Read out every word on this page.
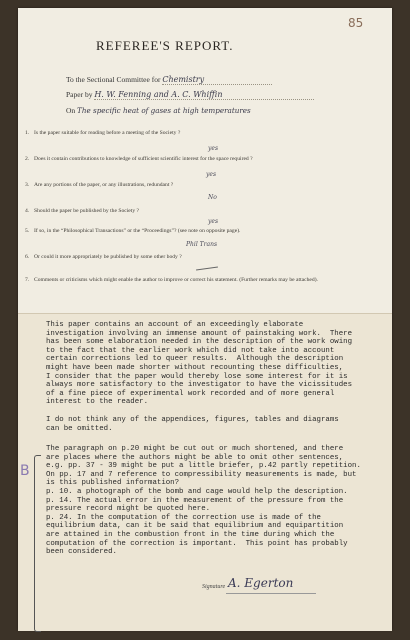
85
REFEREE'S REPORT.
To the Sectional Committee for Chemistry
Paper by H. W. Fenning and A. C. Whiffin
On The specific heat of gases at high temperatures
1. Is the paper suitable for reading before a meeting of the Society ?
yes
2. Does it contain contributions to knowledge of sufficient scientific interest for the space required ?
yes
3. Are any portions of the paper, or any illustrations, redundant ?
No
4. Should the paper be published by the Society ?
yes
5. If so, in the “Philosophical Transactions” or the “Proceedings”? (see note on opposite page).
Phil Trans
6. Or could it more appropriately be published by some other body ?
7. Comments or criticisms which might enable the author to improve or correct his statement. (Further remarks may be attached).
This paper contains an account of an exceedingly elaborate
investigation involving an immense amount of painstaking work.  There
has been some elaboration needed in the description of the work owing
to the fact that the earlier work which did not take into account
certain corrections led to queer results.  Although the description
might have been made shorter without recounting these difficulties,
I consider that the paper would thereby lose some interest for it is
always more satisfactory to the investigator to have the vicissitudes
of a fine piece of experimental work recorded and of more general
interest to the reader.
I do not think any of the appendices, figures, tables and diagrams
can be omitted.
The paragraph on p.20 might be cut out or much shortened, and there
are places where the authors might be able to omit other sentences,
e.g. pp. 37 - 39 might be put a little briefer, p.42 partly repetition.
On pp. 17 and 7 reference to compressibility measurements is made, but
is this published information?
p. 10. a photograph of the bomb and cage would help the description.
p. 14. The actual error in the measurement of the pressure from the
pressure record might be quoted here.
p. 24. In the computation of the correction use is made of the
equilibrium data, can it be said that equilibrium and equipartition
are attained in the combustion front in the time during which the
computation of the correction is important.  This point has probably
been considered.
B
Signature A. Egerton
